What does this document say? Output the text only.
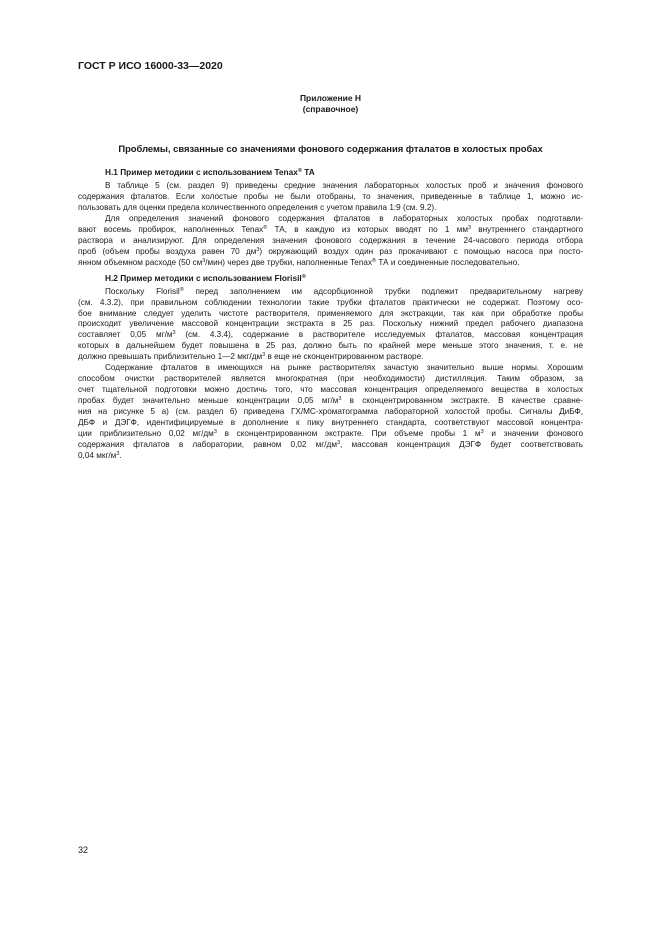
ГОСТ Р ИСО 16000-33—2020
Приложение Н
(справочное)
Проблемы, связанные со значениями фонового содержания фталатов в холостых пробах
Н.1 Пример методики с использованием Tenax® ТА

В таблице 5 (см. раздел 9) приведены средние значения лабораторных холостых проб и значения фонового
содержания фталатов. Если холостые пробы не были отобраны, то значения, приведенные в таблице 1, можно ис-
пользовать для оценки предела количественного определения с учетом правила 1:9 (см. 9.2).

Для определения значений фонового содержания фталатов в лабораторных холостых пробах подготавли-
вают восемь пробирок, наполненных Tenax® ТА, в каждую из которых вводят по 1 $мм^3$ внутреннего стандартного
раствора и анализируют. Для определения значения фонового содержания в течение 24-часового периода отбора
проб (объем пробы воздуха равен 70 $дм^3$) окружающий воздух один раз прокачивают с помощью насоса при посто-
янном объемном расходе (50 $см^3/мин$) через две трубки, наполненные Tenax® ТА и соединенные последовательно.

Н.2 Пример методики с использованием Florisil®

Поскольку Florisil® перед заполнением им адсорбционной трубки подлежит предварительному нагреву
(см. 4.3.2), при правильном соблюдении технологии такие трубки фталатов практически не содержат. Поэтому осо-
бое внимание следует уделить чистоте растворителя, применяемого для экстракции, так как при обработке пробы
происходит увеличение массовой концентрации экстракта в 25 раз. Поскольку нижний предел рабочего диапазона
составляет 0,05 $мг/м^3$ (см. 4.3.4), содержание в растворителе исследуемых фталатов, массовая концентрация
которых в дальнейшем будет повышена в 25 раз, должно быть по крайней мере меньше этого значения, т. е. не
должно превышать приблизительно 1—2 мкг/$дм^3$ в еще не сконцентрированном растворе.

Содержание фталатов в имеющихся на рынке растворителях зачастую значительно выше нормы. Хорошим
способом очистки растворителей является многократная (при необходимости) дистилляция. Таким образом, за
счет тщательной подготовки можно достичь того, что массовая концентрация определяемого вещества в холостых
пробах будет значительно меньше концентрации 0,05 $мг/м^3$ в сконцентрированном экстракте. В качестве сравне-
ния на рисунке 5 а) (см. раздел 6) приведена ГХ/МС-хроматограмма лабораторной холостой пробы. Сигналы ДиБФ,
ДБФ и ДЭГФ, идентифицируемые в дополнение к пику внутреннего стандарта, соответствуют массовой концентра-
ции приблизительно 0,02 $мг/дм^3$ в сконцентрированном экстракте. При объеме пробы 1 $м^3$ и значении фонового
содержания фталатов в лаборатории, равном 0,02 $мг/дм^3$, массовая концентрация ДЭГФ будет соответствовать
0,04 мкг/$м^3$.

32
